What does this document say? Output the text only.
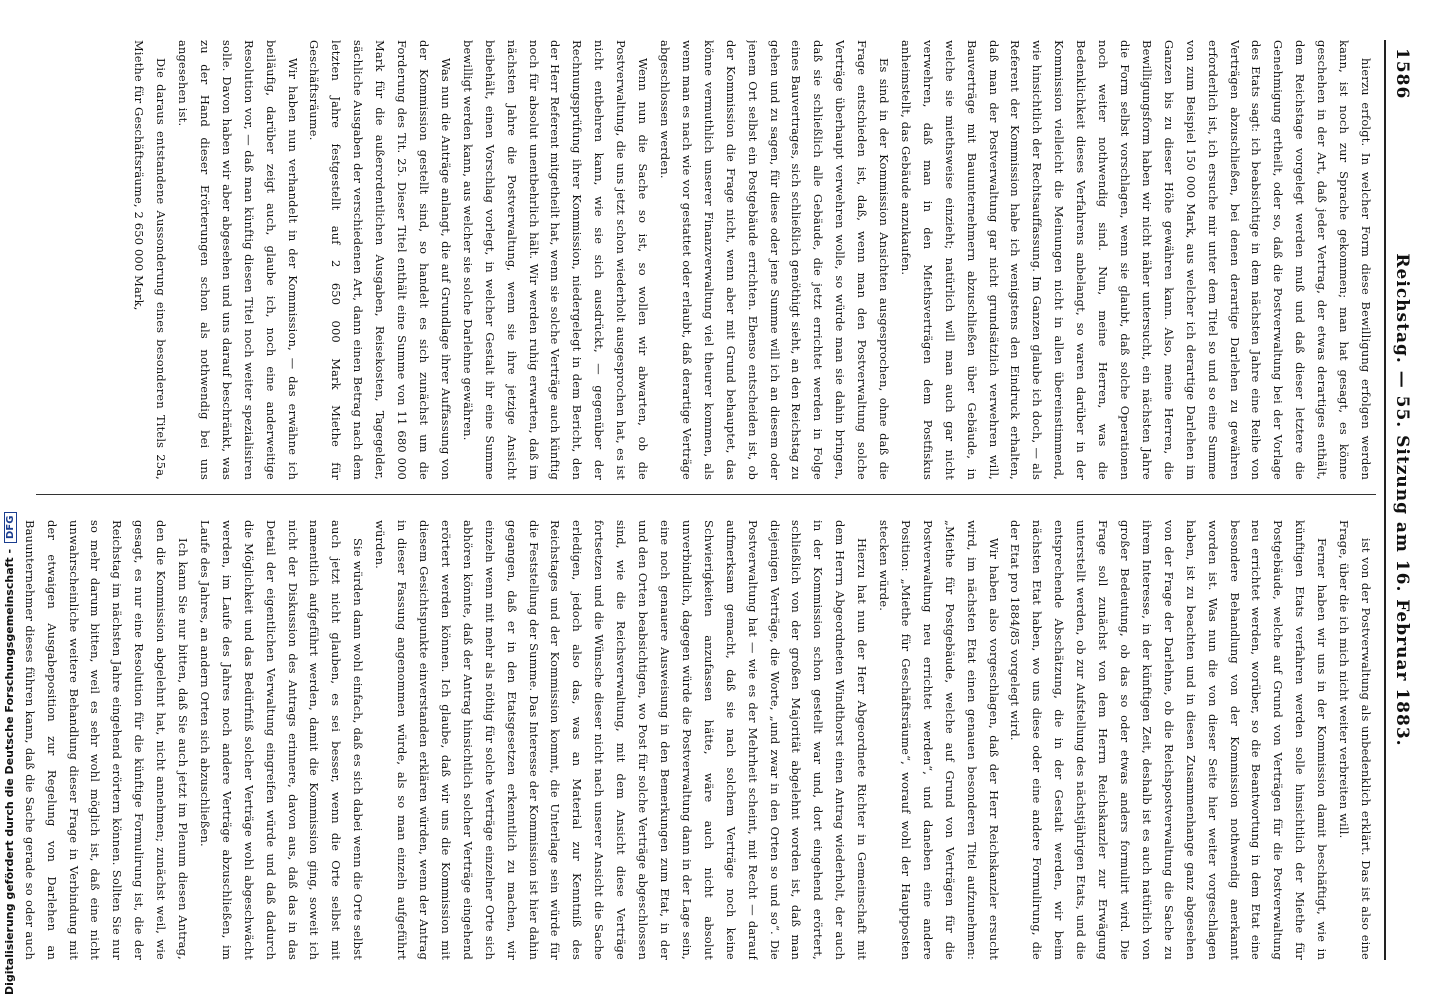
Digitalisierung gefördert durch die Deutsche Forschungsgemeinschaft -DFG
1586
Reichstag. — 55. Sitzung am 16. Februar 1883.

hierzu erfolgt. In welcher Form diese Bewilligung erfolgen werden kann, ist noch zur Sprache gekommen; man hat gesagt, es könne geschehen in der Art, daß jeder Vertrag, der etwas derartiges enthält, dem Reichstage vorgelegt werden muß und daß dieser letztere die Genehmigung ertheilt, oder so, daß die Postverwaltung bei der Vorlage des Etats sagt: ich beabsichtige in dem nächsten Jahre eine Reihe von Verträgen abzuschließen, bei denen derartige Darlehen zu gewähren erforderlich ist, ich ersuche mir unter dem Titel so und so eine Summe von zum Beispiel 150 000 Mark, aus welcher ich derartige Darlehen im Ganzen bis zu dieser Höhe gewähren kann. Also, meine Herren, die Bewilligungsform haben wir nicht näher untersucht, ein nächsten Jahre die Form selbst vorschlagen, wenn sie glaubt, daß solche Operationen noch weiter nothwendig sind. Nun, meine Herren, was die Bedenklichkeit dieses Verfahrens anbelangt, so waren darüber in der Kommission vielleicht die Meinungen nicht in allen übereinstimmend, wie hinsichtlich der Rechtsauffassung. Im Ganzen glaube ich doch, — als Referent der Kommission habe ich wenigstens den Eindruck erhalten, daß man der Postverwaltung gar nicht grundsätzlich verwehren will, Bauverträge mit Bauunternehmern abzuschließen über Gebäude, in welche sie miethsweise einzieht; natürlich will man auch gar nicht verwehren, daß man in den Miethsverträgen dem Postfiskus anheimstellt, das Gebäude anzukaufen.

Es sind in der Kommission Ansichten ausgesprochen, ohne daß die Frage entschieden ist, daß, wenn man den Postverwaltung solche Verträge überhaupt verwehren wolle, so würde man sie dahin bringen, daß sie schließlich alle Gebäude, die jetzt errichtet werden in Folge eines Bauvertrages, sich schließlich genöthigt sieht, an den Reichstag zu gehen und zu sagen, für diese oder jene Summe will ich an diesem oder jenem Ort selbst ein Postgebäude errichten. Ebenso entscheiden ist, ob der Kommission die Frage nicht, wenn aber mit Grund behauptet, das könne vermuthlich unserer Finanzverwaltung viel theurer kommen, als wenn man es nach wie vor gestattet oder erlaubt, daß derartige Verträge abgeschlossen werden.

Wenn nun die Sache so ist, so wollen wir abwarten, ob die Postverwaltung, die uns jetzt schon wiederholt ausgesprochen hat, es ist nicht entbehren kann, wie sie sich ausdrückt, — gegenüber der Rechnungsprüfung ihrer Kommission, niedergelegt in dem Bericht, den der Herr Referent mitgetheilt hat, wenn sie solche Verträge auch künftig noch für absolut unentbehrlich hält. Wir werden ruhig erwarten, daß im nächsten Jahre die Postverwaltung, wenn sie ihre jetzige Ansicht beibehält, einen Vorschlag vorlegt, in welcher Gestalt ihr eine Summe bewilligt werden kann, aus welcher sie solche Darlehne gewähren.

Was nun die Anträge anlangt, die auf Grundlage ihrer Auffassung von der Kommission gestellt sind, so handelt es sich zunächst um die Forderung des Tit. 25. Dieser Titel enthält eine Summe von 11 680 000 Mark für die außerordentlichen Ausgaben, Reisekosten, Tagegelder, sächliche Ausgaben der verschiedenen Art, dann einen Betrag nach dem letzten Jahre festgestellt auf 2 650 000 Mark Miethe für Geschäftsräume.

Wir haben nun verhandelt in der Kommission, — das erwähne ich beiläufig, darüber zeigt auch, glaube ich, noch eine anderweitige Resolution vor, — daß man künftig diesen Titel noch weiter spezialisiren solle. Davon haben wir aber abgesehen und uns darauf beschränkt, was zu der Hand dieser Erörterungen schon als nothwendig bei uns angesehen ist.

Die daraus entstandene Aussonderung eines besonderen Titels 25a, Miethe für Geschäftsräume, 2 650 000 Mark,

ist von der Postverwaltung als unbedenklich erklärt. Das ist also eine Frage, über die ich mich nicht weiter verbreiten will.

Ferner haben wir uns in der Kommission damit beschäftigt, wie in künftigen Etats verfahren werden solle hinsichtlich der Miethe für Postgebäude, welche auf Grund von Verträgen für die Postverwaltung neu errichtet werden, worüber, so die Beantwortung in dem Etat eine besondere Behandlung von der Kommission nothwendig anerkannt worden ist. Was nun die von dieser Seite hier weiter vorgeschlagen haben, ist zu beachten und in diesen Zusammenhange ganz abgesehen von der Frage der Darlehne, ob die Reichspostverwaltung die Sache zu ihrem Interesse, in der künftigen Zeit, deshalb ist es auch natürlich von großer Bedeutung, ob das so oder etwas anders formulirt wird. Die Frage soll zunächst von dem Herrn Reichskanzler zur Erwägung unterstellt werden, ob zur Aufstellung des nächstjährigen Etats, und die entsprechende Abschätzung, die in der Gestalt werden, wir beim nächsten Etat haben, wo uns diese oder eine andere Formulirung, die der Etat pro 1884/85 vorgelegt wird.

Wir haben also vorgeschlagen, daß der Herr Reichskanzler ersucht wird, im nächsten Etat einen genauen besonderen Titel aufzunehmen: „Miethe für Postgebäude, welche auf Grund von Verträgen für die Postverwaltung neu errichtet werden“, und daneben eine andere Position: „Miethe für Geschäftsräume“, worauf wohl der Hauptposten stecken würde.

Hierzu hat nun der Herr Abgeordnete Richter in Gemeinschaft mit dem Herrn Abgeordneten Windthorst einen Antrag wiederholt, der auch in der Kommission schon gestellt war und, dort eingehend erörtert, schließlich von der großen Majorität abgelehnt worden ist, daß man diejenigen Verträge, die Worte, „und zwar in den Orten so und so“. Die Postverwaltung hat — wie es der Mehrheit scheint, mit Recht — darauf aufmerksam gemacht, daß sie nach solchem Verträge noch keine Schwierigkeiten anzufassen hätte, wäre auch nicht absolut unverbindlich, dagegen würde die Postverwaltung dann in der Lage sein, eine noch genauere Ausweisung in den Bemerkungen zum Etat, in der und den Orten beabsichtigen, wo Post für solche Verträge abgeschlossen sind, wie die Reichsverwaltung, mit dem Ansicht diese Verträge fortsetzen und die Wünsche dieser nicht nach unserer Ansicht die Sache erledigen, jedoch also das, was an Material zur Kenntniß des Reichstages und der Kommission kommt, die Unterlage sein würde für die Feststellung der Summe. Das Interesse der Kommission ist hier dahin gegangen, daß er in den Etatsgesetzen erkenntlich zu machen, wir einzeln wenn mit mehr als nöthig für solche Verträge einzelner Orte sich abhören könnte, daß der Antrag hinsichtlich solcher Verträge eingehend erörtert werden können. Ich glaube, daß wir uns die Kommission mit diesem Gesichtspunkte einverstanden erklären würden, wenn der Antrag in dieser Fassung angenommen würde, als so man einzeln aufgeführt würden.

Sie würden dann wohl einfach, daß es sich dabei wenn die Orte selbst auch jetzt nicht glauben, es sei besser, wenn die Orte selbst mit namentlich aufgeführt werden, damit die Kommission ging, soweit ich nicht der Diskussion des Antrags erinnere, davon aus, daß das in das Detail der eigentlichen Verwaltung eingreifen würde und daß dadurch die Möglichkeit und das Bedürfniß solcher Verträge wohl abgeschwächt werden, im Laufe des Jahres noch andere Verträge abzuschließen, im Laufe des Jahres, an andern Orten sich abzuschließen.

Ich kann Sie nur bitten, daß Sie auch jetzt im Plenum diesen Antrag, den die Kommission abgelehnt hat, nicht annehmen; zunächst weil, wie gesagt, es nur eine Resolution für die künftige Formulirung ist, die der Reichstag im nächsten Jahre eingehend erörtern können. Sollten Sie nur so mehr darum bitten, weil es sehr wohl möglich ist, daß eine nicht unwahrscheinliche weitere Behandlung dieser Frage in Verbindung mit der etwaigen Ausgabeposition zur Regelung von Darlehen an Bauunternehmer dieses führen kann, daß die Sache gerade so oder auch
